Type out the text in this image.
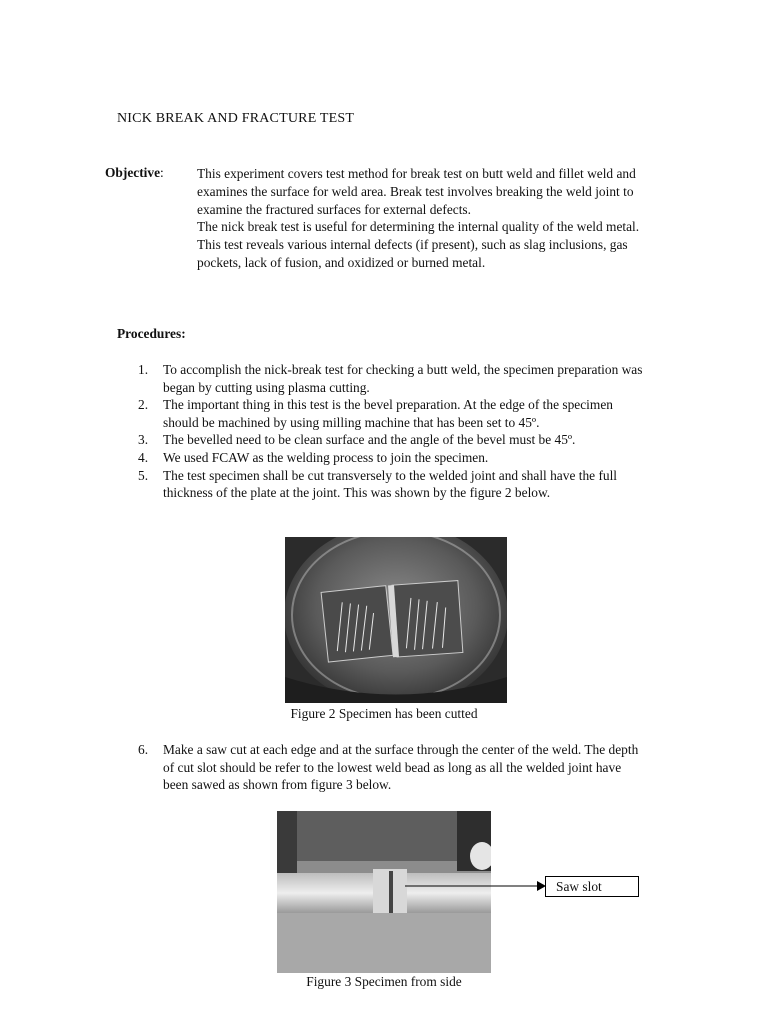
NICK BREAK AND FRACTURE TEST
Objective: This experiment covers test method for break test on butt weld and fillet weld and examines the surface for weld area. Break test involves breaking the weld joint to examine the fractured surfaces for external defects.

The nick break test is useful for determining the internal quality of the weld metal. This test reveals various internal defects (if present), such as slag inclusions, gas pockets, lack of fusion, and oxidized or burned metal.

Procedures:
1. To accomplish the nick-break test for checking a butt weld, the specimen preparation was began by cutting using plasma cutting.
2. The important thing in this test is the bevel preparation. At the edge of the specimen should be machined by using milling machine that has been set to 45º.
3. The bevelled need to be clean surface and the angle of the bevel must be 45º.
4. We used FCAW as the welding process to join the specimen.
5. The test specimen shall be cut transversely to the welded joint and shall have the full thickness of the plate at the joint. This was shown by the figure 2 below.
Figure 2 Specimen has been cutted
6. Make a saw cut at each edge and at the surface through the center of the weld. The depth of cut slot should be refer to the lowest weld bead as long as all the welded joint have been sawed as shown from figure 3 below.
Saw slot
Figure 3 Specimen from side
